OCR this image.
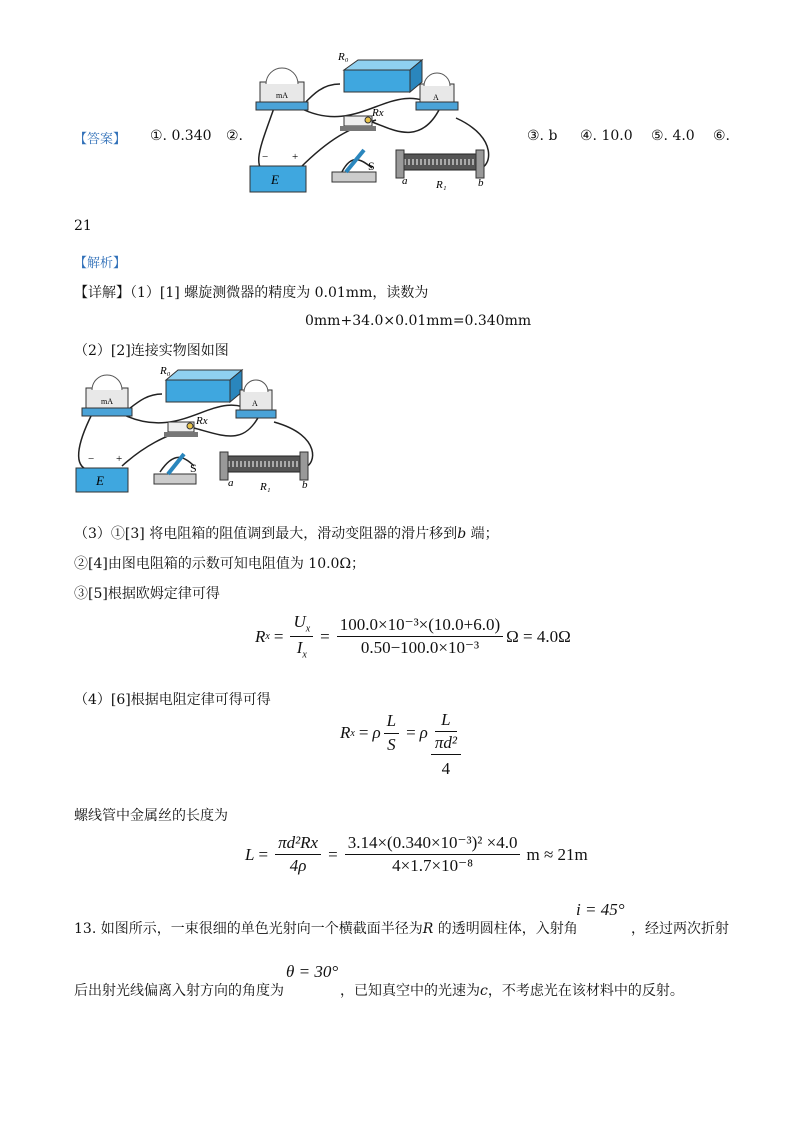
【答案】 ①. 0.340 ②.	③. b ④. 10.0 ⑤. 4.0 ⑥.
21
mA
R₀
A
Rx
E
− +
S
a	R₁	b
【解析】
【详解】（1）[1] 螺旋测微器的精度为 0.01mm，读数为
0mm+34.0×0.01mm=0.340mm
（2）[2]连接实物图如图
mA
R₀
A
Rx
E
− +
S
a R₁	b
（3）①[3] 将电阻箱的阻值调到最大，滑动变阻器的滑片移到b 端；
②[4]由图电阻箱的示数可知电阻值为 10.0Ω；
③[5]根据欧姆定律可得
R $x = \frac{U_x}{I_x} = \frac{\text{100.0×10⁻³×(10.0+6.0)}}{\text{0.50−100.0×10⁻³}}$ Ω = 4.0Ω
（4）[6]根据电阻定律可得可得
R x = ρ $\frac{L}{S} = \rho$
L
πd²
4
螺线管中金属丝的长度为
$L = \frac{\text{πd²Rx}}{4\rho} = \frac{\text{3.14×(0.340×10⁻³)² ×4.0}}{\text{4×1.7×10⁻⁸}}$ m ≈ 21m
13. 如图所示，一束很细的单色光射向一个横截面半径为R 的透明圆柱体，入射角
i = 45°
，经过两次折射
后出射光线偏离入射方向的角度为
θ = 30°
，已知真空中的光速为c，不考虑光在该材料中的反射。
